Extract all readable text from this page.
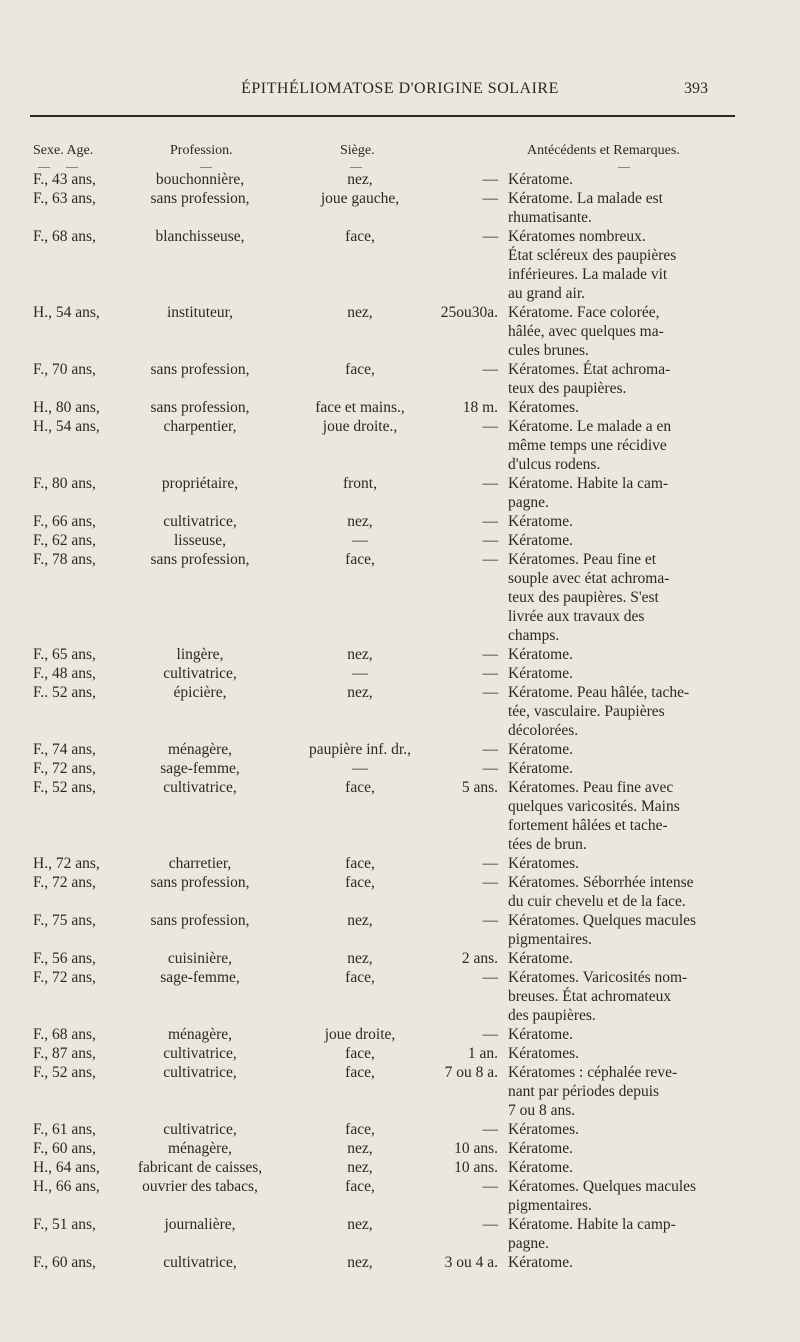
ÉPITHÉLIOMATOSE D'ORIGINE SOLAIRE	393
Sexe. Age.	Profession.	Siège.	Antécédents et Remarques.
— —	—	—	—
F., 43 ans,	bouchonnière,	nez,	— Kératome.
F., 63 ans,	sans profession,	joue gauche,	— Kératome. La malade est
rhumatisante.
F., 68 ans,	blanchisseuse,	face,	— Kératomes nombreux.
État scléreux des paupières
inférieures. La malade vit
au grand air.
H., 54 ans,	instituteur,	nez,	25ou30a. Kératome. Face colorée,
hâlée, avec quelques ma-
cules brunes.
F., 70 ans,	sans profession,	face,	— Kératomes. État achroma-
teux des paupières.
H., 80 ans,	sans profession,	face et mains.,	18 m. Kératomes.
H., 54 ans,	charpentier,	joue droite.,	— Kératome. Le malade a en
même temps une récidive
d'ulcus rodens.
F., 80 ans,	propriétaire,	front,	— Kératome. Habite la cam-
pagne.
F., 66 ans,	cultivatrice,	nez,	— Kératome.
F., 62 ans,	lisseuse,	—	— Kératome.
F., 78 ans,	sans profession,	face,	— Kératomes. Peau fine et
souple avec état achroma-
teux des paupières. S'est
livrée aux travaux des
champs.
F., 65 ans,	lingère,	nez,	— Kératome.
F., 48 ans,	cultivatrice,	—	— Kératome.
F.. 52 ans,	épicière,	nez,	— Kératome. Peau hâlée, tache-
tée, vasculaire. Paupières
décolorées.
F., 74 ans,	ménagère,	paupière inf. dr.,	— Kératome.
F., 72 ans,	sage-femme,	—	— Kératome.
F., 52 ans,	cultivatrice,	face,	5 ans. Kératomes. Peau fine avec
quelques varicosités. Mains
fortement hâlées et tache-
tées de brun.
H., 72 ans,	charretier,	face,	— Kératomes.
F., 72 ans,	sans profession,	face,	— Kératomes. Séborrhée intense
du cuir chevelu et de la face.
F., 75 ans,	sans profession,	nez,	— Kératomes. Quelques macules
pigmentaires.
F., 56 ans,	cuisinière,	nez,	2 ans. Kératome.
F., 72 ans,	sage-femme,	face,	— Kératomes. Varicosités nom-
breuses. État achromateux
des paupières.
F., 68 ans,	ménagère,	joue droite,	— Kératome.
F., 87 ans,	cultivatrice,	face,	1 an. Kératomes.
F., 52 ans,	cultivatrice,	face,	7 ou 8 a. Kératomes : céphalée reve-
nant par périodes depuis
7 ou 8 ans.
F., 61 ans,	cultivatrice,	face,	— Kératomes.
F., 60 ans,	ménagère,	nez,	10 ans. Kératome.
H., 64 ans,	fabricant de caisses,	nez,	10 ans. Kératome.
H., 66 ans,	ouvrier des tabacs,	face,	— Kératomes. Quelques macules
pigmentaires.
F., 51 ans,	journalière,	nez,	— Kératome. Habite la camp-
pagne.
F., 60 ans,	cultivatrice,	nez,	3 ou 4 a. Kératome.
